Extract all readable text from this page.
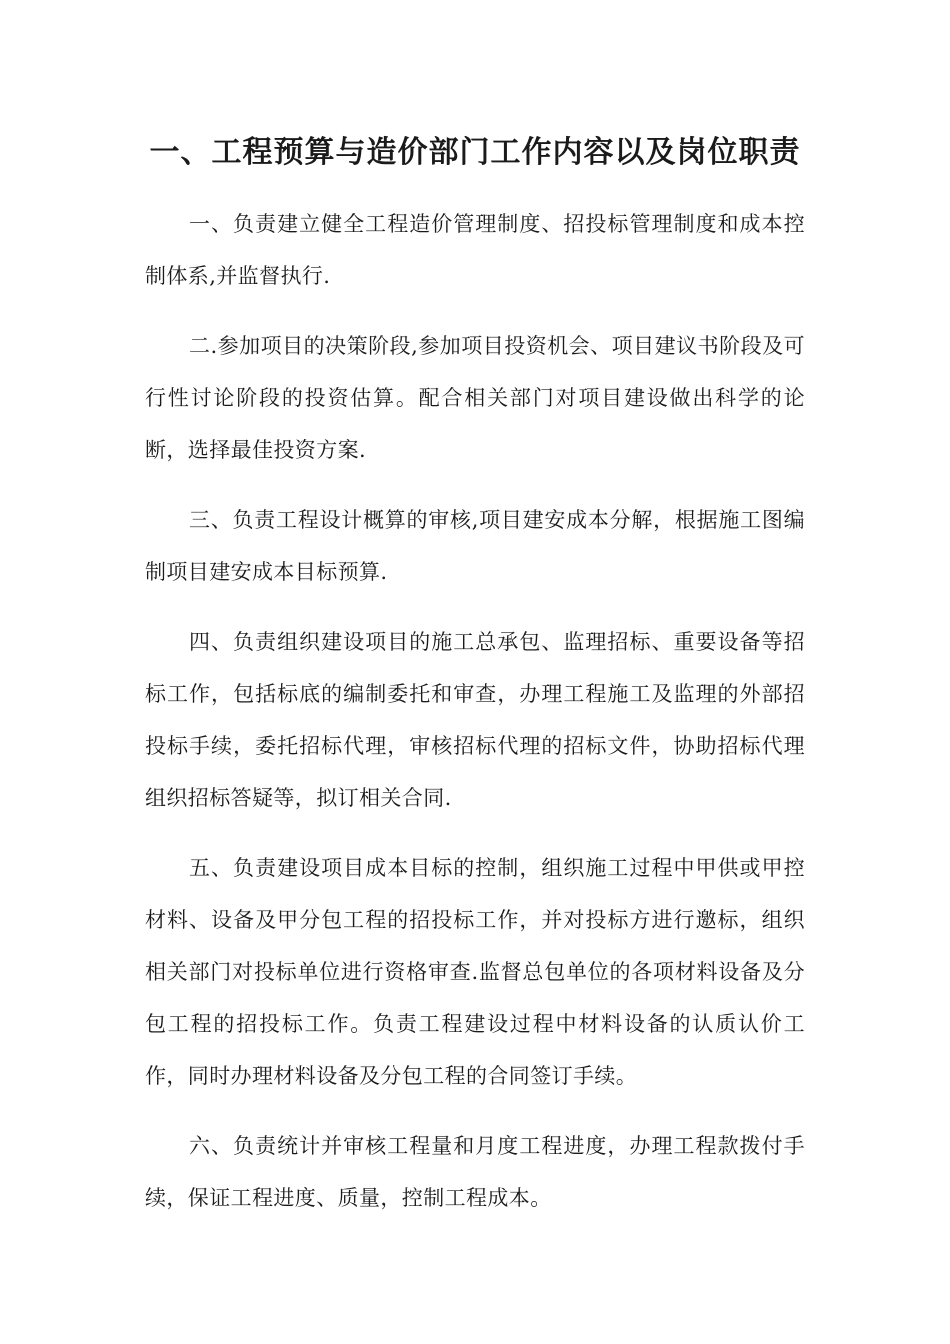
一、工程预算与造价部门工作内容以及岗位职责

一、负责建立健全工程造价管理制度、招投标管理制度和成本控制体系,并监督执行.

二.参加项目的决策阶段,参加项目投资机会、项目建议书阶段及可行性讨论阶段的投资估算。配合相关部门对项目建设做出科学的论断，选择最佳投资方案.

三、负责工程设计概算的审核,项目建安成本分解，根据施工图编制项目建安成本目标预算.

四、负责组织建设项目的施工总承包、监理招标、重要设备等招标工作，包括标底的编制委托和审查，办理工程施工及监理的外部招投标手续，委托招标代理，审核招标代理的招标文件，协助招标代理组织招标答疑等，拟订相关合同.

五、负责建设项目成本目标的控制，组织施工过程中甲供或甲控材料、设备及甲分包工程的招投标工作，并对投标方进行邀标，组织相关部门对投标单位进行资格审查.监督总包单位的各项材料设备及分包工程的招投标工作。负责工程建设过程中材料设备的认质认价工作，同时办理材料设备及分包工程的合同签订手续。

六、负责统计并审核工程量和月度工程进度，办理工程款拨付手续，保证工程进度、质量，控制工程成本。
